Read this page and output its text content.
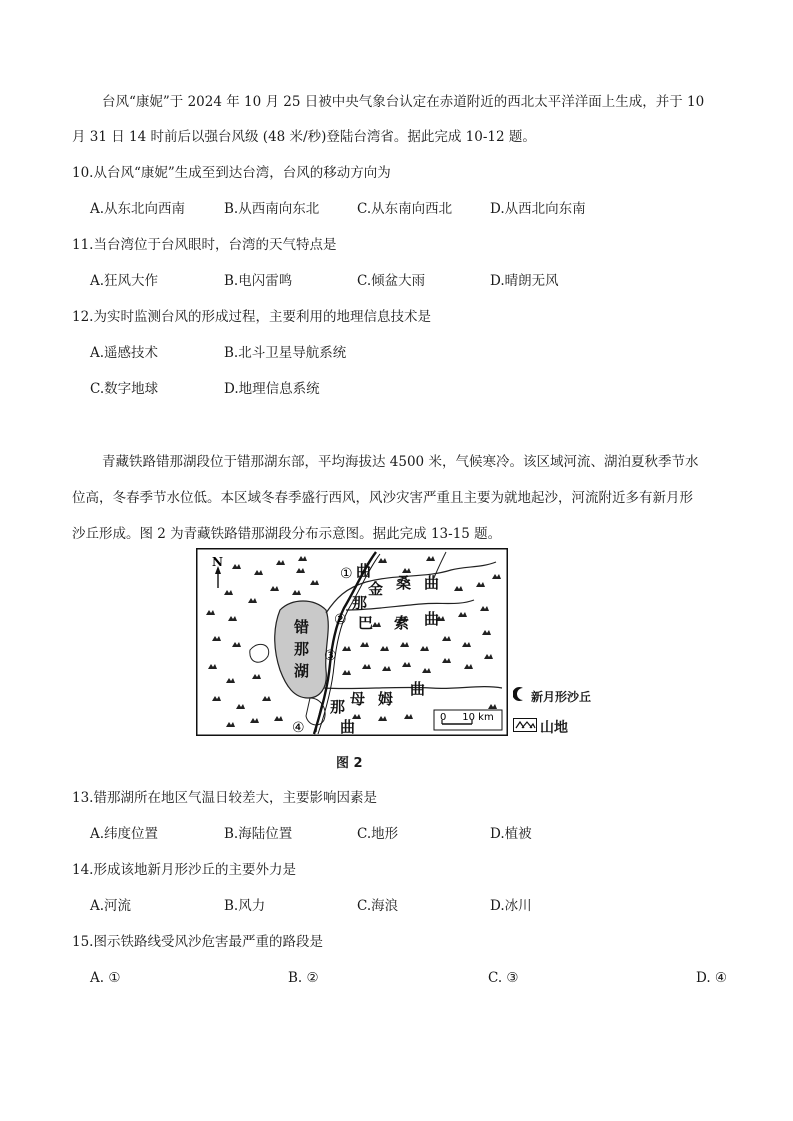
台风“康妮”于 2024 年 10 月 25 日被中央气象台认定在赤道附近的西北太平洋洋面上生成，并于 10
月 31 日 14 时前后以强台风级 (48 米/秒)登陆台湾省。据此完成 10-12 题。
10.从台风“康妮”生成至到达台湾，台风的移动方向为
A.从东北向西南	B.从西南向东北	C.从东南向西北	D.从西北向东南
11.当台湾位于台风眼时，台湾的天气特点是
A.狂风大作	B.电闪雷鸣	C.倾盆大雨	D.晴朗无风
12.为实时监测台风的形成过程，主要利用的地理信息技术是
A.遥感技术	B.北斗卫星导航系统
C.数字地球	D.地理信息系统
青藏铁路错那湖段位于错那湖东部，平均海拔达 4500 米，气候寒冷。该区域河流、湖泊夏秋季节水
位高，冬春季节水位低。本区域冬春季盛行西风，风沙灾害严重且主要为就地起沙，河流附近多有新月形
沙丘形成。图 2 为青藏铁路错那湖段分布示意图。据此完成 13-15 题。
N
①
②
③
④
错
那
湖
曲
金 桑 曲
那
巴 索 曲
母 姆
曲
那
曲
0     10 km
新月形沙丘
山地
图 2
13.错那湖所在地区气温日较差大，主要影响因素是
A.纬度位置	B.海陆位置	C.地形	D.植被
14.形成该地新月形沙丘的主要外力是
A.河流	B.风力	C.海浪	D.冰川
15.图示铁路线受风沙危害最严重的路段是
A. ①	B. ②	C. ③	D. ④
